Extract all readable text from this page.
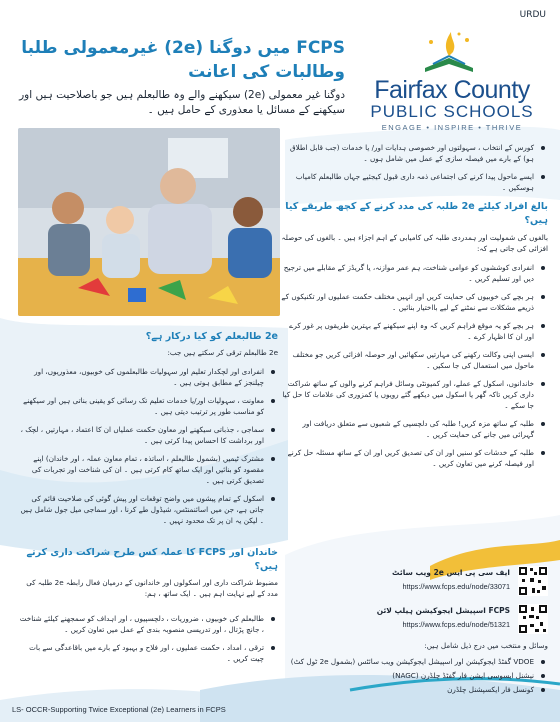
URDU
FCPS میں دوگنا (2e) غیرمعمولی طلبا وطالبات کی اعانت
دوگنا غیر معمولی (2e) سیکھنے والے وہ طالبعلم ہیں جو باصلاحیت ہیں اور سیکھنے کے مسائل یا معذوری کے حامل ہیں ۔
Fairfax County
PUBLIC SCHOOLS
ENGAGE • INSPIRE • THRIVE
کورس کے انتخاب ، سہولتوں اور خصوصی ہدایات اور/ یا خدمات (جب قابل اطلاق ہو) کے بارے میں فیصلہ سازی کے عمل میں شامل ہوں ۔
ایسے ماحول پیدا کرنے کی اجتماعی ذمہ داری قبول کیجئیے جہاں طالبعلم کامیاب ہوسکیں ۔
بالغ افراد کیلئے 2e طلبہ کی مدد کرنے کے کچھ طریقے کیا ہیں؟
بالغوں کی شمولیت اور ہمدردی طلبہ کی کامیابی کے اہم اجزاء ہیں ۔ بالغوں کی حوصلہ افزائی کی جاتی ہے کہ:
انفرادی کوششوں کو عوامی شناخت، ہم عمر موازنہ، یا گریڈز کے مقابلے میں ترجیح دیں اور تسلیم کریں ۔
ہر بچے کی خوبیوں کی حمایت کریں اور انہیں مختلف حکمت عملیوں اور تکنیکوں کے ذریعے مشکلات سے نمٹنے کے لیے بااختیار بنائیں ۔
ہر بچے کو یہ موقع فراہم کریں کہ وہ اپنے سیکھنے کے بہترین طریقوں پر غور کرے اور ان کا اظہار کرے ۔
ایسی اپنی وکالت رکھنے کی مہارتیں سکھائیں اور حوصلہ افزائی کریں جو مختلف ماحول میں استعمال کی جا سکیں ۔
خاندانوں، اسکول کے عملے، اور کمیونٹی وسائل فراہم کرنے والوں کے ساتھ شراکت داری کریں تاکہ گھر یا اسکول میں دیکھے گئے رویوں یا کمزوری کی علامات کا حل کیا جا سکے ۔
طلبہ کے ساتھ مزہ کریں! طلبہ کی دلچسپی کے شعبوں سے متعلق دریافت اور گہرائی میں جانے کی حمایت کریں ۔
طلبہ کے خدشات کو سنیں اور ان کی تصدیق کریں اور ان کے ساتھ مسئلہ حل کرنے اور فیصلہ کرنے میں تعاون کریں ۔
2e طالبعلم کو کیا درکار ہے؟
2e طالبعلم ترقی کر سکتے ہیں جب:
انفرادی اور لچکدار تعلیم اور سہولیات طالبعلموں کی خوبیوں، معذوریوں، اور چیلنجز کے مطابق ہوتی ہیں ۔
معاونت ، سہولیات اور/یا خدمات تعلیم تک رسائی کو یقینی بناتی ہیں اور سیکھنے کو مناسب طور پر ترتیب دیتی ہیں ۔
سماجی ، جذباتی سیکھنے اور معاون حکمت عملیاں ان کا اعتماد ، مہارتیں ، لچک ، اور برداشت کا احساس پیدا کرتی ہیں ۔
مشترک ٹیمیں (بشمول طالبعلم ، اساتذہ ، تمام معاون عملہ ، اور خاندان) اپنے مقصود کو بنائیں اور ایک ساتھ کام کرتی ہیں ۔ ان کی شناخت اور تجربات کی تصدیق کرتی ہیں ۔
اسکول کے تمام پیشوں میں واضح توقعات اور پیش گوئی کی صلاحیت قائم کی جاتی ہے، جن میں اسائنمنٹس، شیڈول طے کرنا ، اور سماجی میل جول شامل ہیں ۔ لیکن یہ ان پر تک محدود نہیں ۔
خاندان اور FCPS کا عملہ کس طرح شراکت داری کرتے ہیں؟
مضبوط شراکت داری اور اسکولوں اور خاندانوں کے درمیان فعال رابطہ 2e طلبہ کی مدد کے لیے نہایت اہم ہیں ۔ ایک ساتھ ، ہم:
طالبعلم کی خوبیوں ، ضروریات ، دلچسپیوں ، اور اہداف کو سمجھنے کیلئے شناخت ، جانچ پڑتال ، اور تدریسی منصوبہ بندی کے عمل میں تعاون کریں ۔
ترقی ، امداد ، حکمت عملیوں ، اور فلاح و بہبود کے بارے میں باقاعدگی سے بات چیت کریں ۔
ایف سی پی ایس 2e ویب سائٹ
https://www.fcps.edu/node/33071
FCPS اسپیشل ایجوکیشن ہیلپ لائن
https://www.fcps.edu/node/51321
وسائل و منتخب میں درج ذیل شامل ہیں:
VDOE گفٹڈ ایجوکیشن اور اسپیشل ایجوکیشن ویب سائٹس (بشمول 2e ٹول کٹ)
نیشنل ایسوسی ایشن فار گفٹڈ چلڈرن (NAGC)
کونسل فار ایکسپشنل چلڈرن
LS- OCCR-Supporting Twice Exceptional (2e) Learners in FCPS
